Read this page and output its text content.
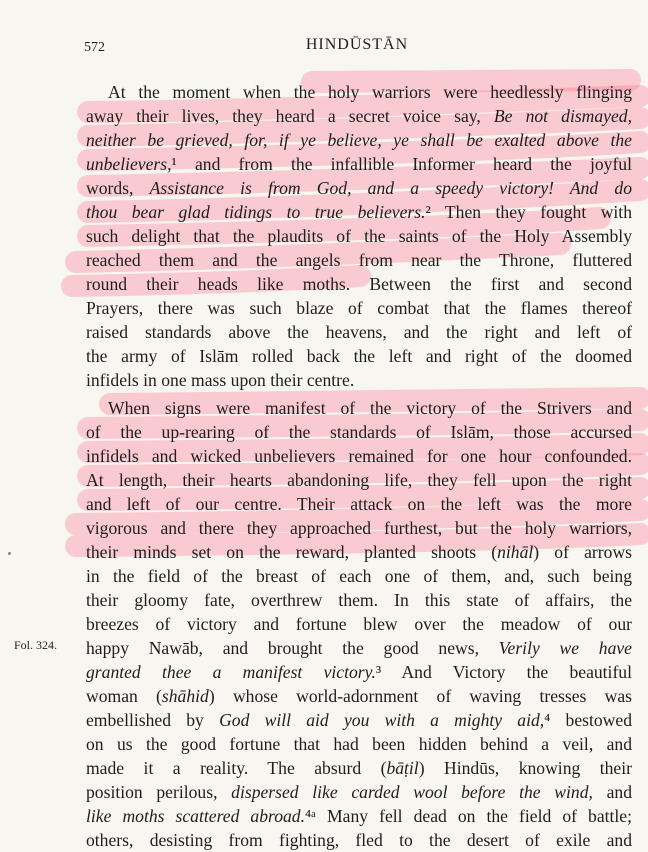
572	HINDŪSTĀN
At the moment when the holy warriors were heedlessly flinging
away their lives, they heard a secret voice say, Be not dismayed,
neither be grieved, for, if ye believe, ye shall be exalted above the
unbelievers,¹ and from the infallible Informer heard the joyful
words, Assistance is from God, and a speedy victory! And do
thou bear glad tidings to true believers.² Then they fought with
such delight that the plaudits of the saints of the Holy Assembly
reached them and the angels from near the Throne, fluttered
round their heads like moths. Between the first and second
Prayers, there was such blaze of combat that the flames thereof
raised standards above the heavens, and the right and left of
the army of Islām rolled back the left and right of the doomed
infidels in one mass upon their centre.
When signs were manifest of the victory of the Strivers and
of the up-rearing of the standards of Islām, those accursed
infidels and wicked unbelievers remained for one hour confounded.
At length, their hearts abandoning life, they fell upon the right
and left of our centre. Their attack on the left was the more
vigorous and there they approached furthest, but the holy warriors,
their minds set on the reward, planted shoots (nihāl) of arrows
in the field of the breast of each one of them, and, such being
their gloomy fate, overthrew them. In this state of affairs, the
breezes of victory and fortune blew over the meadow of our
happy Nawāb, and brought the good news, Verily we have
granted thee a manifest victory.³ And Victory the beautiful
woman (shāhid) whose world-adornment of waving tresses was
embellished by God will aid you with a mighty aid,⁴ bestowed
on us the good fortune that had been hidden behind a veil, and
made it a reality. The absurd (bāṭil) Hindūs, knowing their
position perilous, dispersed like carded wool before the wind, and
like moths scattered abroad.⁴ᵃ Many fell dead on the field of battle;
others, desisting from fighting, fled to the desert of exile and
Fol. 324.
